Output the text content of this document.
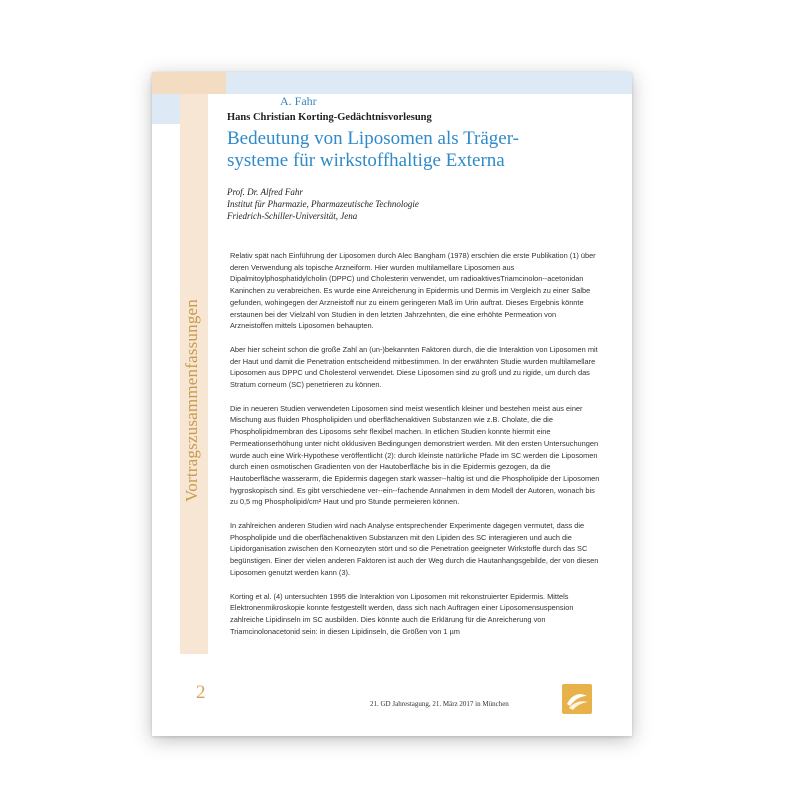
A. Fahr
Hans Christian Korting-Gedächtnisvorlesung
Bedeutung von Liposomen als Träger-
systeme für wirkstoffhaltige Externa
Prof. Dr. Alfred Fahr
Institut für Pharmazie, Pharmazeutische Technologie
Friedrich-Schiller-Universität, Jena

Relativ spät nach Einführung der Liposomen durch Alec Bangham (1978) erschien die erste Publikation (1) über deren Verwendung als topische Arzneiform. Hier wurden multilamellare Liposomen aus Dipalmitoylphosphatidylcholin (DPPC) und Cholesterin verwendet, um radioaktivesTriamcinolon-‑acetonidan Kaninchen zu verabreichen. Es wurde eine Anreicherung in Epidermis und Dermis im Vergleich zu einer Salbe gefunden, wohingegen der Arzneistoff nur zu einem geringeren Maß im Urin auftrat. Dieses Ergebnis könnte erstaunen bei der Vielzahl von Studien in den letzten Jahrzehnten, die eine erhöhte Permeation von Arzneistoffen mittels Liposomen behaupten.

Aber hier scheint schon die große Zahl an (un-)bekannten Faktoren durch, die die Interaktion von Liposomen mit der Haut und damit die Penetration entscheidend mitbestimmen. In der erwähnten Studie wurden multilamellare Liposomen aus DPPC und Cholesterol verwendet. Diese Liposomen sind zu groß und zu rigide, um durch das Stratum corneum (SC) penetrieren zu können.

Die in neueren Studien verwendeten Liposomen sind meist wesentlich kleiner und bestehen meist aus einer Mischung aus fluiden Phospholipiden und oberflächenaktiven Substanzen wie z.B. Cholate, die die Phospholipidmembran des Liposoms sehr flexibel machen. In etlichen Studien konnte hiermit eine Permeationserhöhung unter nicht okklusiven Bedingungen demonstriert werden. Mit den ersten Untersuchungen wurde auch eine Wirk-Hypothese veröffentlicht (2): durch kleinste natürliche Pfade im SC werden die Liposomen durch einen osmotischen Gradienten von der Hautoberfläche bis in die Epidermis gezogen, da die Hautoberfläche wasserarm, die Epidermis dagegen stark wasser-‑haltig ist und die Phospholipide der Liposomen hygroskopisch sind. Es gibt verschiedene ver-‑ein-‑fachende Annahmen in dem Modell der Autoren, wonach bis zu 0,5 mg Phospholipid/cm² Haut und pro Stunde permeieren können.

In zahlreichen anderen Studien wird nach Analyse entsprechender Experimente dagegen vermutet, dass die Phospholipide und die oberflächenaktiven Substanzen mit den Lipiden des SC interagieren und auch die Lipidorganisation zwischen den Korneozyten stört und so die Penetration geeigneter Wirkstoffe durch das SC begünstigen. Einer der vielen anderen Faktoren ist auch der Weg durch die Hautanhangsgebilde, der von diesen Liposomen genutzt werden kann (3).

Korting et al. (4) untersuchten 1995 die Interaktion von Liposomen mit rekonstruierter Epidermis. Mittels Elektronenmikroskopie konnte festgestellt werden, dass sich nach Auftragen einer Liposomensuspension zahlreiche Lipidinseln im SC ausbilden. Dies könnte auch die Erklärung für die Anreicherung von Triamcinolonacetonid sein: in diesen Lipidinseln, die Größen von 1 µm

Vortragszusammenfassungen
2
21. GD Jahrestagung, 21. März 2017 in München
